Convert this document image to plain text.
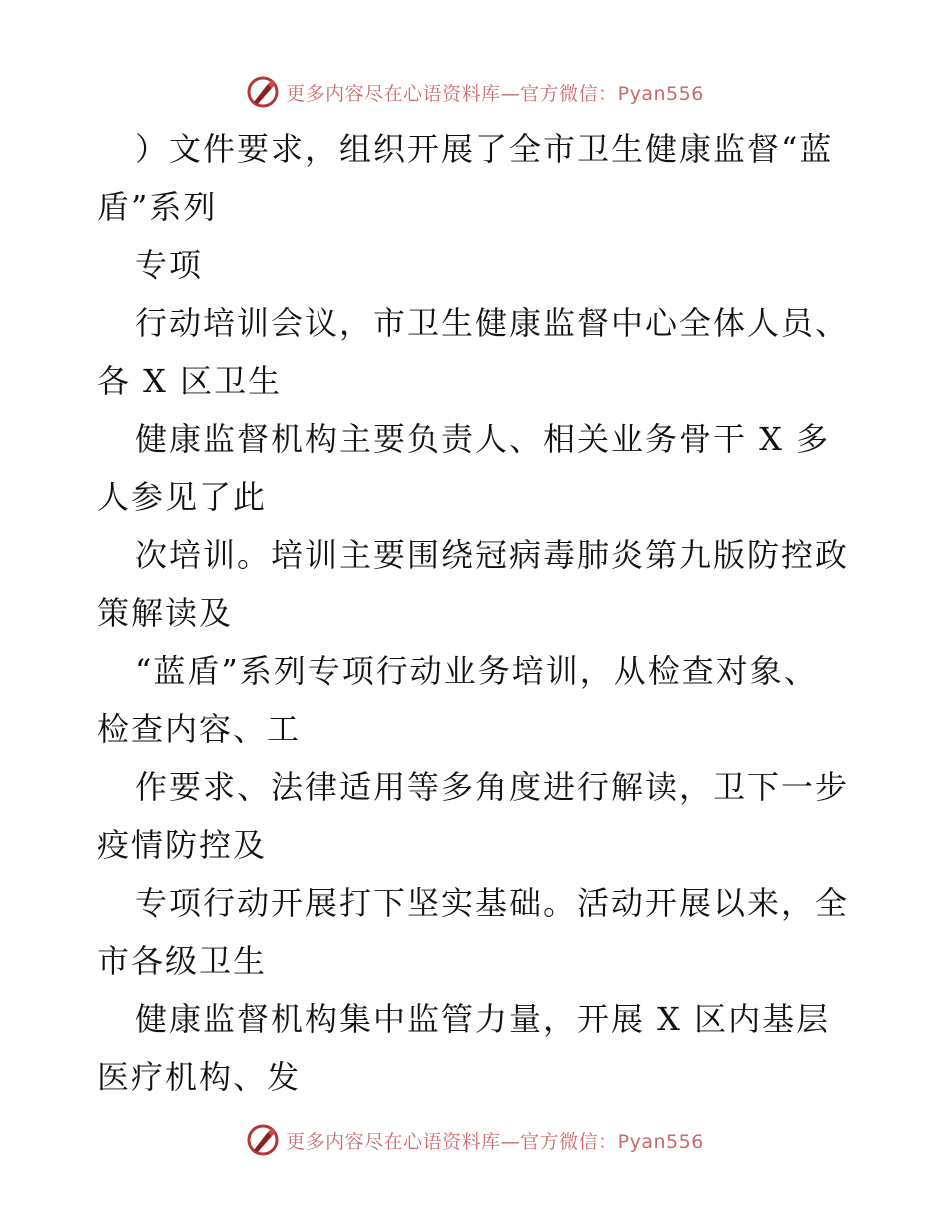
更多内容尽在心语资料库—官方微信：Pyan556
）文件要求，组织开展了全市卫生健康监督“蓝
盾”系列
专项
行动培训会议，市卫生健康监督中心全体人员、
各 X 区卫生
健康监督机构主要负责人、相关业务骨干 X 多
人参见了此
次培训。培训主要围绕冠病毒肺炎第九版防控政
策解读及
“蓝盾”系列专项行动业务培训，从检查对象、
检查内容、工
作要求、法律适用等多角度进行解读，卫下一步
疫情防控及
专项行动开展打下坚实基础。活动开展以来，全
市各级卫生
健康监督机构集中监管力量，开展 X 区内基层
医疗机构、发
更多内容尽在心语资料库—官方微信：Pyan556
